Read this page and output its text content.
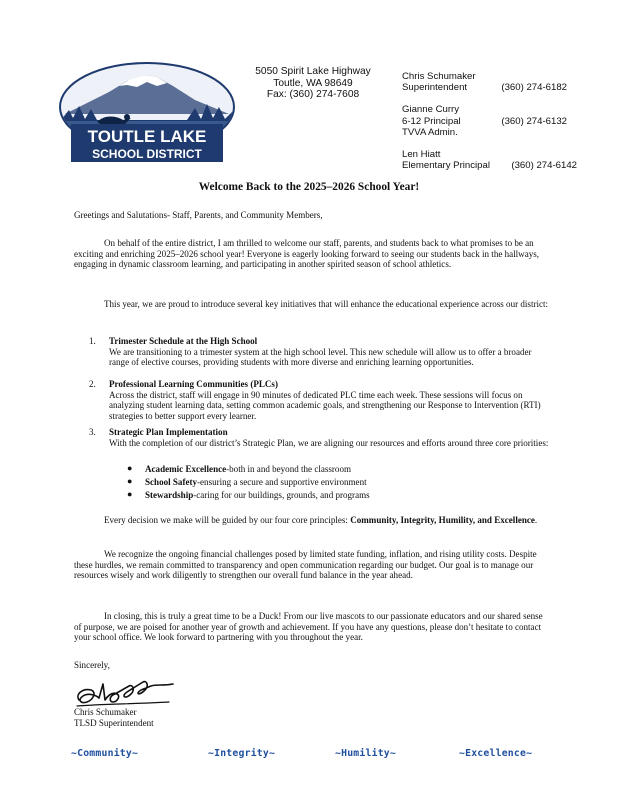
TOUTLE LAKE
SCHOOL DISTRICT
5050 Spirit Lake Highway
Toutle, WA 98649
Fax: (360) 274-7608
Chris Schumaker
Superintendent	(360) 274-6182
Gianne Curry
6-12 Principal	(360) 274-6132
TVVA Admin.
Len Hiatt
Elementary Principal (360) 274-6142
Welcome Back to the 2025–2026 School Year!
Greetings and Salutations- Staff, Parents, and Community Members,
On behalf of the entire district, I am thrilled to welcome our staff, parents, and students back to what promises to be an exciting and enriching 2025–2026 school year! Everyone is eagerly looking forward to seeing our students back in the hallways, engaging in dynamic classroom learning, and participating in another spirited season of school athletics.
This year, we are proud to introduce several key initiatives that will enhance the educational experience across our district:
1. Trimester Schedule at the High School
We are transitioning to a trimester system at the high school level. This new schedule will allow us to offer a broader range of elective courses, providing students with more diverse and enriching learning opportunities.
2. Professional Learning Communities (PLCs)
Across the district, staff will engage in 90 minutes of dedicated PLC time each week. These sessions will focus on analyzing student learning data, setting common academic goals, and strengthening our Response to Intervention (RTI) strategies to better support every learner.
3. Strategic Plan Implementation
With the completion of our district’s Strategic Plan, we are aligning our resources and efforts around three core priorities:
● Academic Excellence-both in and beyond the classroom
● School Safety-ensuring a secure and supportive environment
● Stewardship-caring for our buildings, grounds, and programs
Every decision we make will be guided by our four core principles: Community, Integrity, Humility, and Excellence.
We recognize the ongoing financial challenges posed by limited state funding, inflation, and rising utility costs. Despite these hurdles, we remain committed to transparency and open communication regarding our budget. Our goal is to manage our resources wisely and work diligently to strengthen our overall fund balance in the year ahead.
In closing, this is truly a great time to be a Duck! From our live mascots to our passionate educators and our shared sense of purpose, we are poised for another year of growth and achievement. If you have any questions, please don’t hesitate to contact your school office. We look forward to partnering with you throughout the year.
Sincerely,
Chris Schumaker
TLSD Superintendent
~Community~	~Integrity~	~Humility~	~Excellence~
